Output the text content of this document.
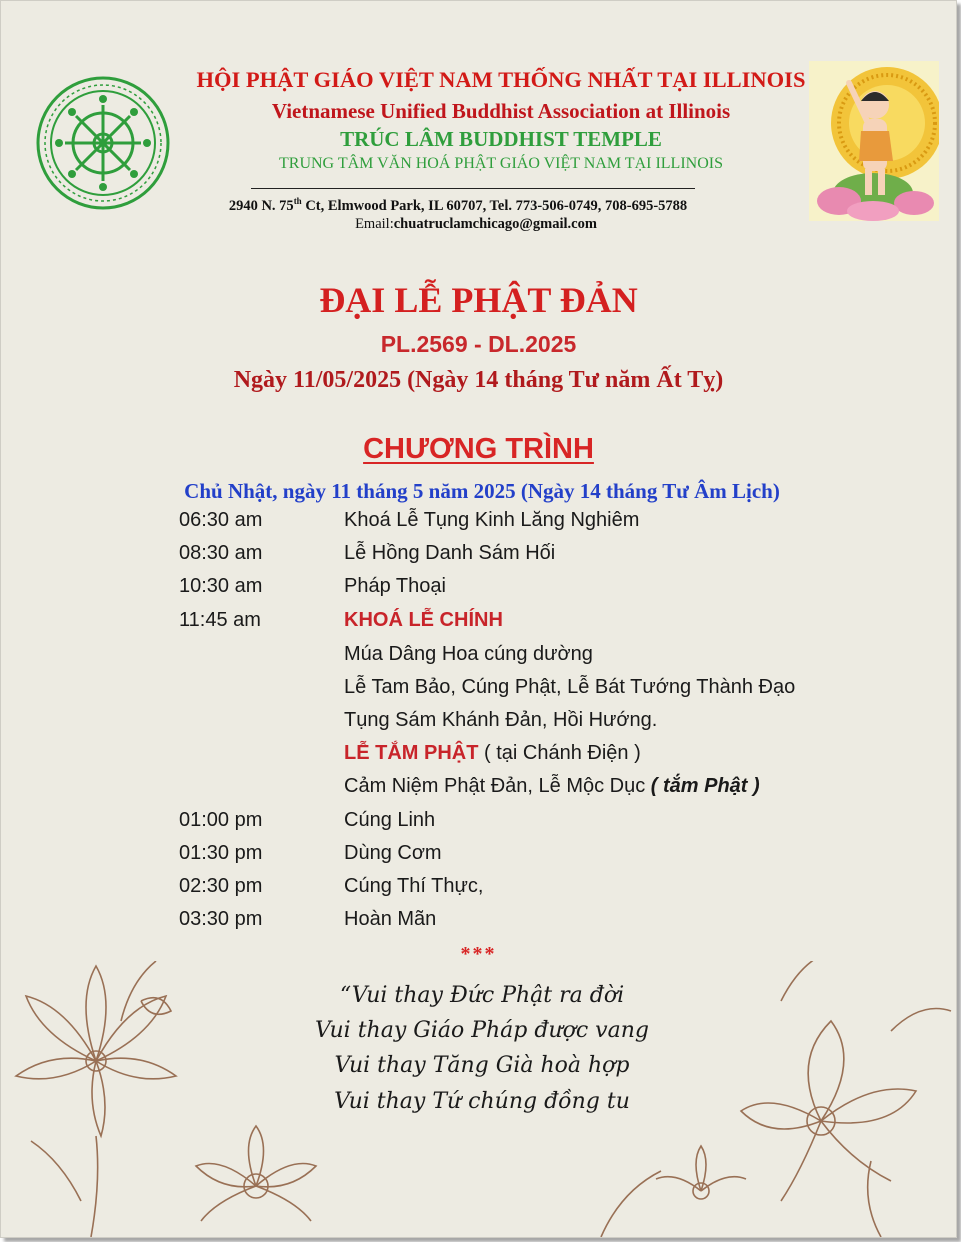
HỘI PHẬT GIÁO VIỆT NAM THỐNG NHẤT TẠI ILLINOIS
Vietnamese Unified Buddhist Association at Illinois
TRÚC LÂM BUDDHIST TEMPLE
TRUNG TÂM VĂN HOÁ PHẬT GIÁO VIỆT NAM TẠI ILLINOIS
2940 N. 75th Ct, Elmwood Park, IL 60707, Tel. 773-506-0749, 708-695-5788
Email:chuatruclamchicago@gmail.com
ĐẠI LỄ PHẬT ĐẢN
PL.2569 - DL.2025
Ngày 11/05/2025 (Ngày 14 tháng Tư năm Ất Tỵ)
CHƯƠNG TRÌNH
Chủ Nhật, ngày 11 tháng 5 năm 2025 (Ngày 14 tháng Tư Âm Lịch)
06:30 am	Khoá Lễ Tụng Kinh Lăng Nghiêm
08:30 am	Lễ Hồng Danh Sám Hối
10:30 am	Pháp Thoại
11:45 am	KHOÁ LỄ CHÍNH
Múa Dâng Hoa cúng dường
Lễ Tam Bảo, Cúng Phật, Lễ Bát Tướng Thành Đạo
Tụng Sám Khánh Đản, Hồi Hướng.
LỄ TẮM PHẬT ( tại Chánh Điện )
Cảm Niệm Phật Đản, Lễ Mộc Dục ( tắm Phật )
01:00 pm	Cúng Linh
01:30 pm	Dùng Cơm
02:30 pm	Cúng Thí Thực,
03:30 pm	Hoàn Mãn
***
“Vui thay Đức Phật ra đời
Vui thay Giáo Pháp được vang
Vui thay Tăng Già hoà hợp
Vui thay Tứ chúng đồng tu
